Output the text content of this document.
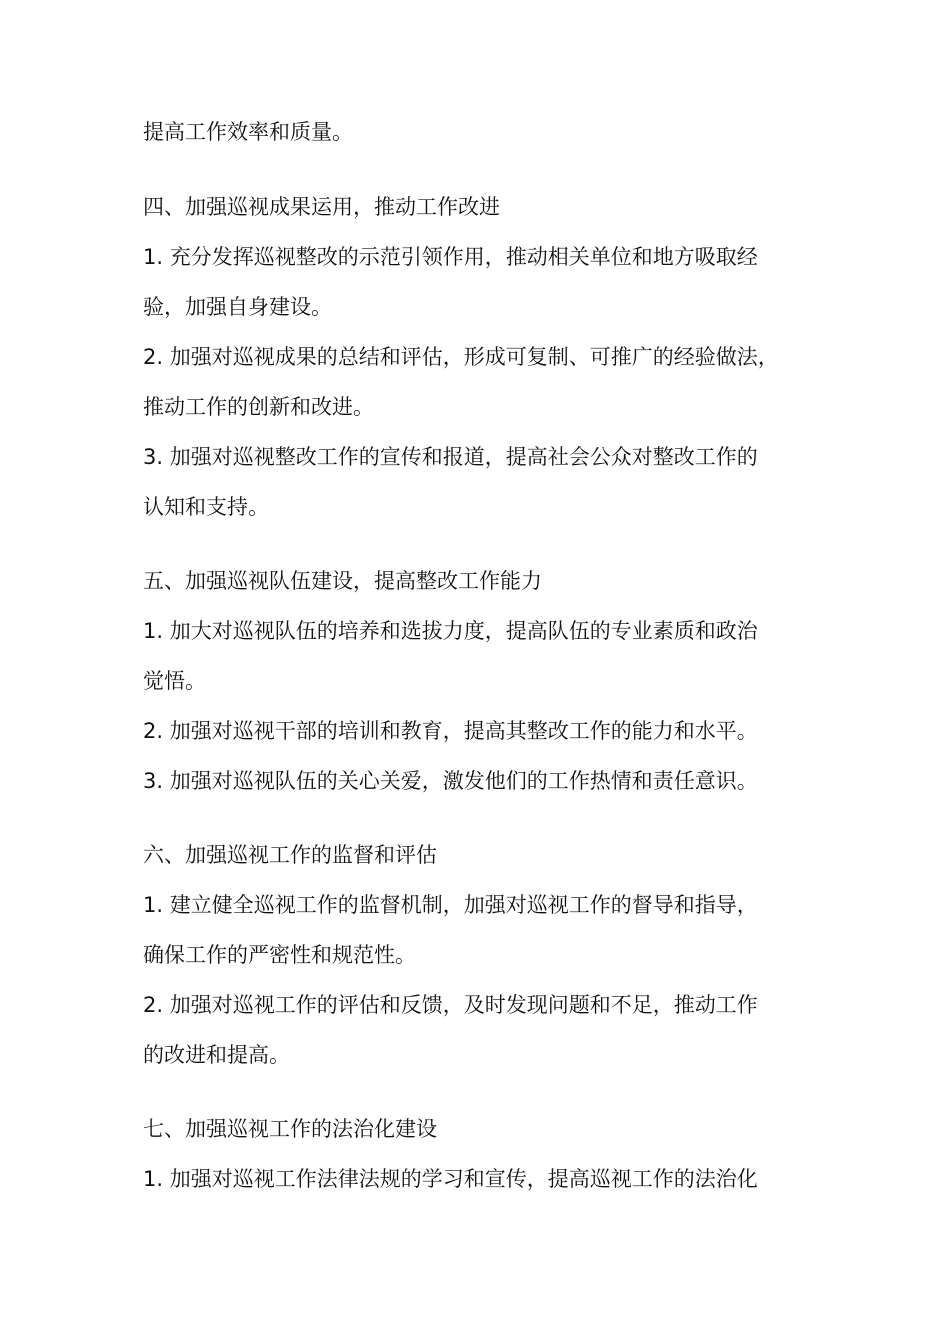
提高工作效率和质量。
四、加强巡视成果运用，推动工作改进
1. 充分发挥巡视整改的示范引领作用，推动相关单位和地方吸取经
验，加强自身建设。
2. 加强对巡视成果的总结和评估，形成可复制、可推广的经验做法，
推动工作的创新和改进。
3. 加强对巡视整改工作的宣传和报道，提高社会公众对整改工作的
认知和支持。
五、加强巡视队伍建设，提高整改工作能力
1. 加大对巡视队伍的培养和选拔力度，提高队伍的专业素质和政治
觉悟。
2. 加强对巡视干部的培训和教育，提高其整改工作的能力和水平。
3. 加强对巡视队伍的关心关爱，激发他们的工作热情和责任意识。
六、加强巡视工作的监督和评估
1. 建立健全巡视工作的监督机制，加强对巡视工作的督导和指导，
确保工作的严密性和规范性。
2. 加强对巡视工作的评估和反馈，及时发现问题和不足，推动工作
的改进和提高。
七、加强巡视工作的法治化建设
1. 加强对巡视工作法律法规的学习和宣传，提高巡视工作的法治化
